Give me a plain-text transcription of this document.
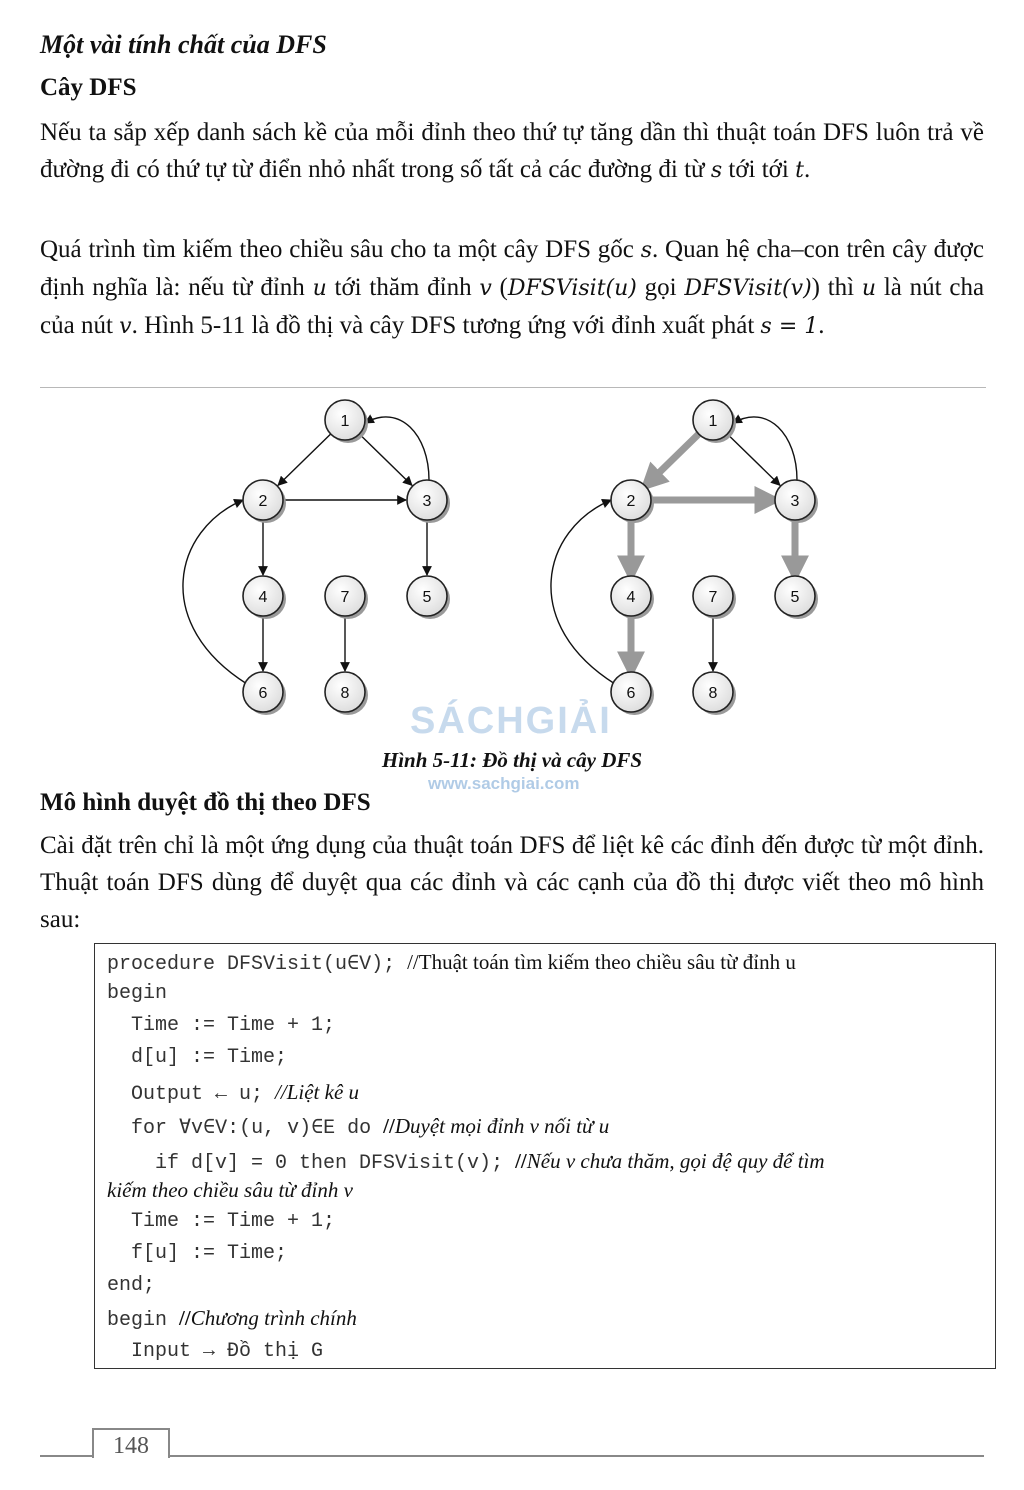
Một vài tính chất của DFS
Cây DFS

Nếu ta sắp xếp danh sách kề của mỗi đỉnh theo thứ tự tăng dần thì thuật toán DFS luôn trả về đường đi có thứ tự từ điển nhỏ nhất trong số tất cả các đường đi từ s tới tới t.

Quá trình tìm kiếm theo chiều sâu cho ta một cây DFS gốc s. Quan hệ cha–con trên cây được định nghĩa là: nếu từ đỉnh u tới thăm đỉnh v (DFSVisit(u) gọi DFSVisit(v)) thì u là nút cha của nút v. Hình 5-11 là đồ thị và cây DFS tương ứng với đỉnh xuất phát s = 1.

1
2	3
4	5
6
7
8
1
2	3
4	5
6
7
8
SÁCHGIẢI
Hình 5-11: Đồ thị và cây DFS
www.sachgiai.com
Mô hình duyệt đồ thị theo DFS

Cài đặt trên chỉ là một ứng dụng của thuật toán DFS để liệt kê các đỉnh đến được từ một đỉnh. Thuật toán DFS dùng để duyệt qua các đỉnh và các cạnh của đồ thị được viết theo mô hình sau:

procedure DFSVisit(u∈V); //Thuật toán tìm kiếm theo chiều sâu từ đỉnh u
begin
Time := Time + 1;
d[u] := Time;
Output ← u; //Liệt kê u
for ∀v∈V:(u, v)∈E do //Duyệt mọi đỉnh v nối từ u
if d[v] = 0 then DFSVisit(v); //Nếu v chưa thăm, gọi đệ quy để tìm
kiếm theo chiều sâu từ đỉnh v
Time := Time + 1;
f[u] := Time;
end;
begin //Chương trình chính
Input → Đồ thị G
148
